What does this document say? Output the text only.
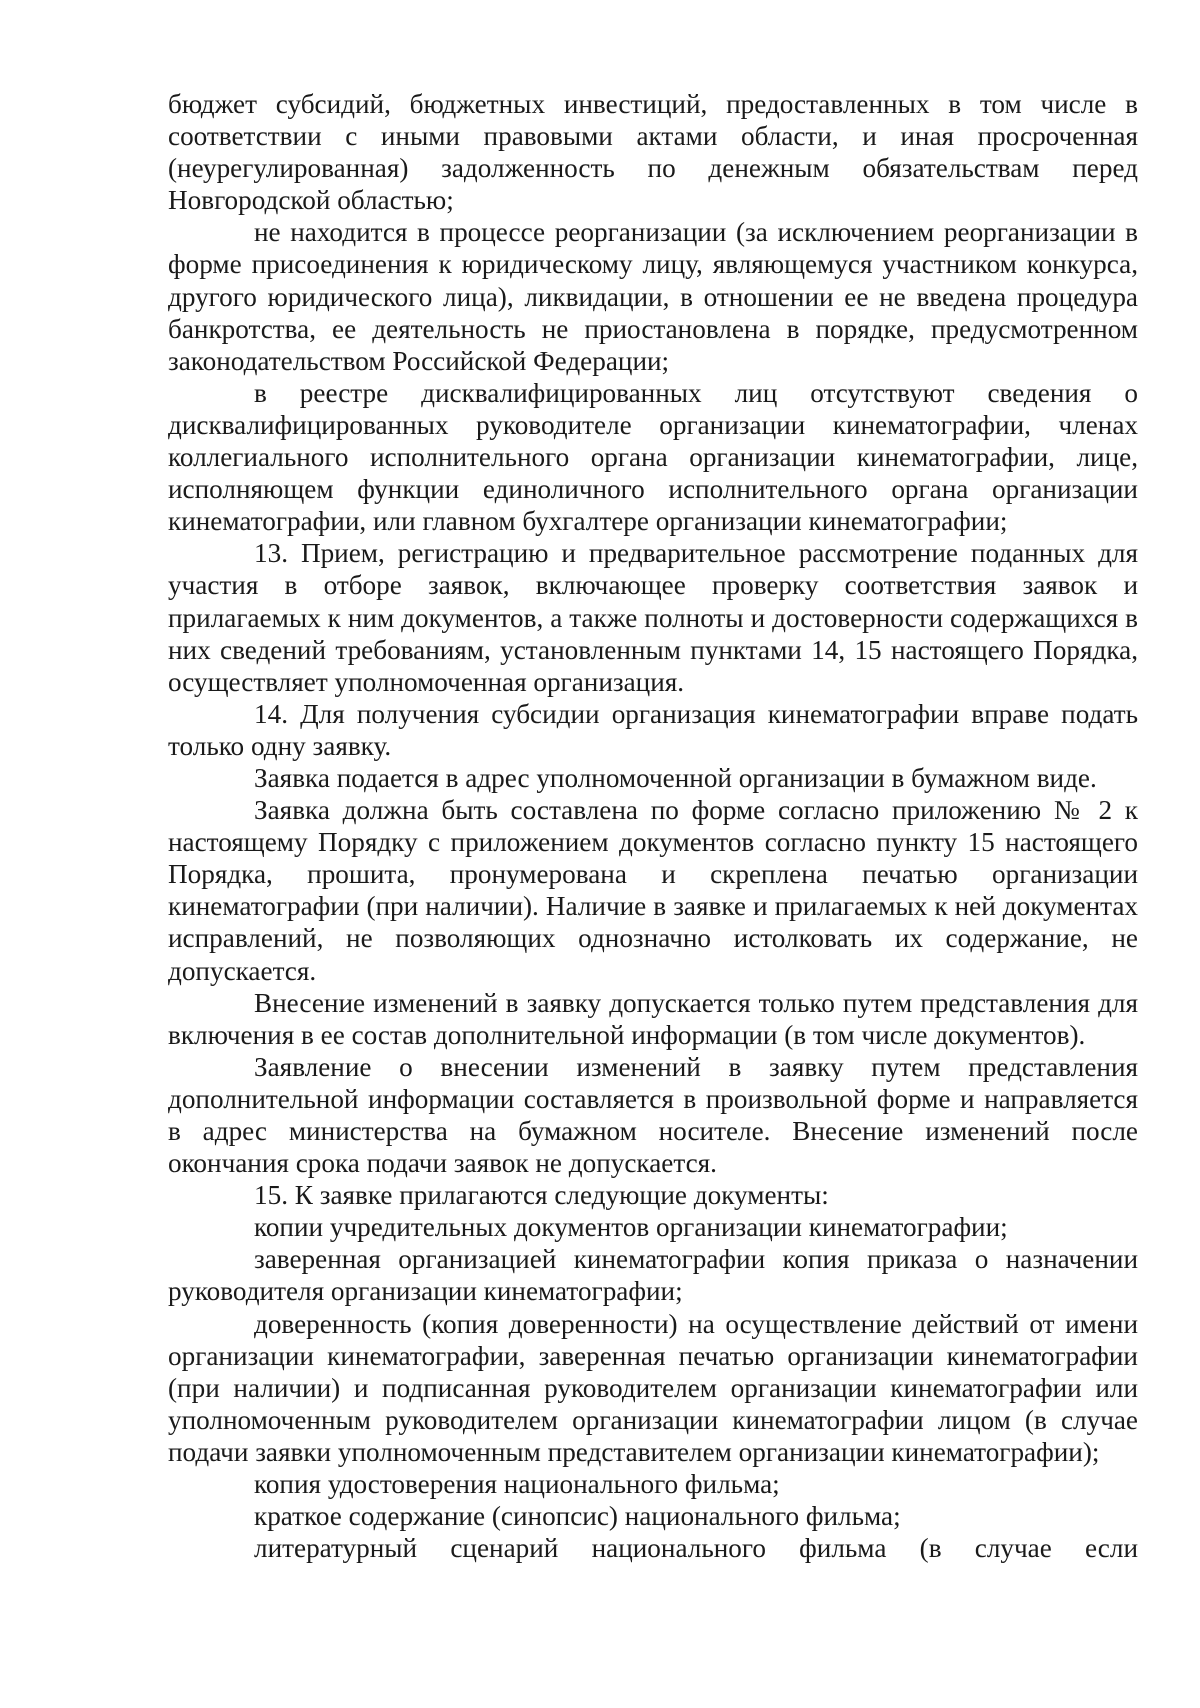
бюджет субсидий, бюджетных инвестиций, предоставленных в том числе в соответствии с иными правовыми актами области, и иная просроченная (неурегулированная) задолженность по денежным обязательствам перед Новгородской областью;

не находится в процессе реорганизации (за исключением реорганизации в форме присоединения к юридическому лицу, являющемуся участником конкурса, другого юридического лица), ликвидации, в отношении ее не введена процедура банкротства, ее деятельность не приостановлена в порядке, предусмотренном законодательством Российской Федерации;

в реестре дисквалифицированных лиц отсутствуют сведения о дисквалифицированных руководителе организации кинематографии, членах коллегиального исполнительного органа организации кинематографии, лице, исполняющем функции единоличного исполнительного органа организации кинематографии, или главном бухгалтере организации кинематографии;

13. Прием, регистрацию и предварительное рассмотрение поданных для участия в отборе заявок, включающее проверку соответствия заявок и прилагаемых к ним документов, а также полноты и достоверности содержащихся в них сведений требованиям, установленным пунктами 14, 15 настоящего Порядка, осуществляет уполномоченная организация.

14. Для получения субсидии организация кинематографии вправе подать только одну заявку.

Заявка подается в адрес уполномоченной организации в бумажном виде.

Заявка должна быть составлена по форме согласно приложению № 2 к настоящему Порядку с приложением документов согласно пункту 15 настоящего Порядка, прошита, пронумерована и скреплена печатью организации кинематографии (при наличии). Наличие в заявке и прилагаемых к ней документах исправлений, не позволяющих однозначно истолковать их содержание, не допускается.

Внесение изменений в заявку допускается только путем представления для включения в ее состав дополнительной информации (в том числе документов).

Заявление о внесении изменений в заявку путем представления дополнительной информации составляется в произвольной форме и направляется в адрес министерства на бумажном носителе. Внесение изменений после окончания срока подачи заявок не допускается.

15. К заявке прилагаются следующие документы:

копии учредительных документов организации кинематографии;

заверенная организацией кинематографии копия приказа о назначении руководителя организации кинематографии;

доверенность (копия доверенности) на осуществление действий от имени организации кинематографии, заверенная печатью организации кинематографии (при наличии) и подписанная руководителем организации кинематографии или уполномоченным руководителем организации кинематографии лицом (в случае подачи заявки уполномоченным представителем организации кинематографии);

копия удостоверения национального фильма;

краткое содержание (синопсис) национального фильма;

литературный сценарий национального фильма (в случае если
